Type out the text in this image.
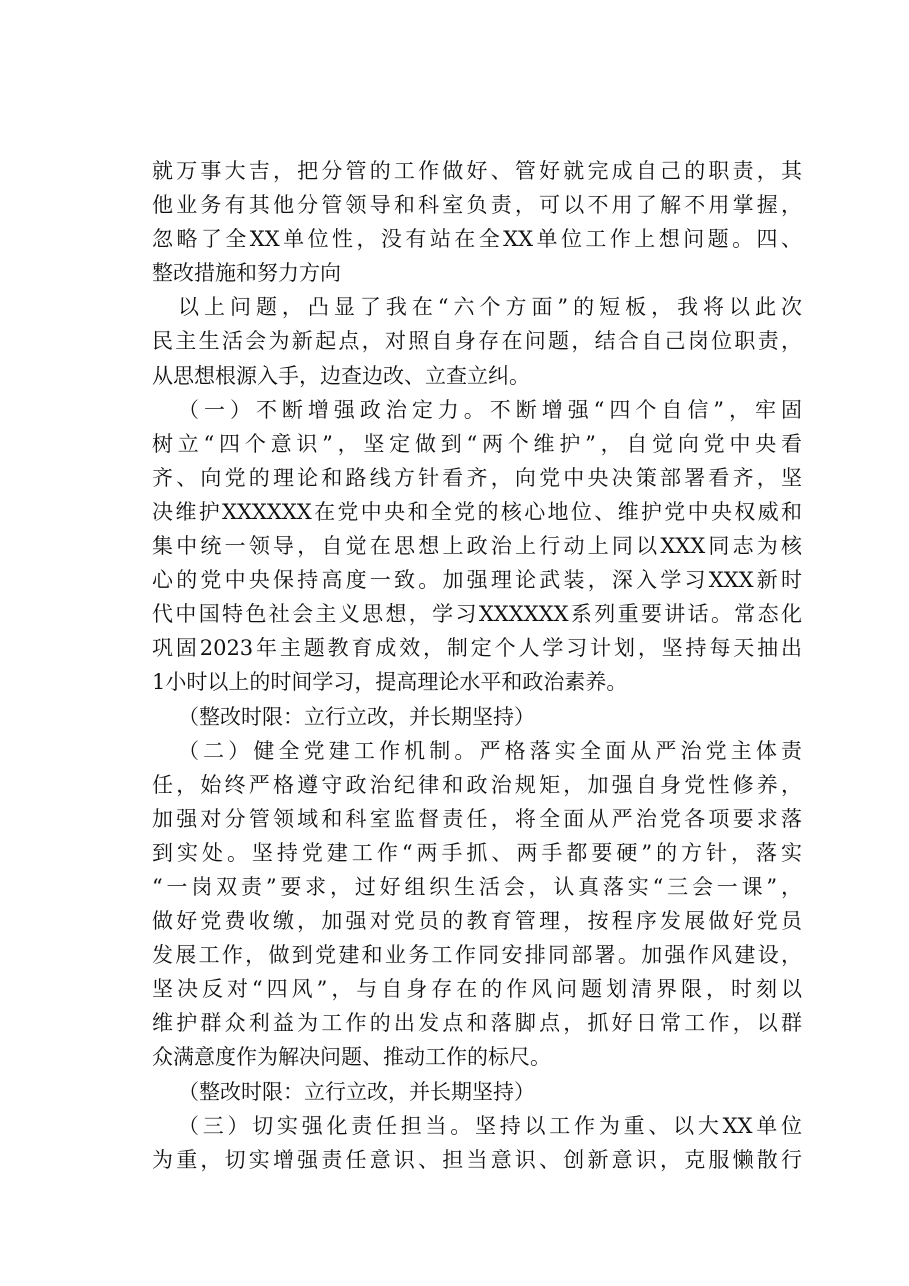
就万事大吉，把分管的工作做好、管好就完成自己的职责，其
他业务有其他分管领导和科室负责，可以不用了解不用掌握，
忽略了全XX单位性，没有站在全XX单位工作上想问题。四、
整改措施和努力方向
以上问题，凸显了我在“六个方面”的短板，我将以此次
民主生活会为新起点，对照自身存在问题，结合自己岗位职责，
从思想根源入手，边查边改、立查立纠。
（一）不断增强政治定力。不断增强“四个自信”，牢固
树立“四个意识”，坚定做到“两个维护”，自觉向党中央看
齐、向党的理论和路线方针看齐，向党中央决策部署看齐，坚
决维护XXXXXX在党中央和全党的核心地位、维护党中央权威和
集中统一领导，自觉在思想上政治上行动上同以XXX同志为核
心的党中央保持高度一致。加强理论武装，深入学习XXX新时
代中国特色社会主义思想，学习XXXXXX系列重要讲话。常态化
巩固2023年主题教育成效，制定个人学习计划，坚持每天抽出
1小时以上的时间学习，提高理论水平和政治素养。
（整改时限：立行立改，并长期坚持）
（二）健全党建工作机制。严格落实全面从严治党主体责
任，始终严格遵守政治纪律和政治规矩，加强自身党性修养，
加强对分管领域和科室监督责任，将全面从严治党各项要求落
到实处。坚持党建工作“两手抓、两手都要硬”的方针，落实
“一岗双责”要求，过好组织生活会，认真落实“三会一课”，
做好党费收缴，加强对党员的教育管理，按程序发展做好党员
发展工作，做到党建和业务工作同安排同部署。加强作风建设，
坚决反对“四风”，与自身存在的作风问题划清界限，时刻以
维护群众利益为工作的出发点和落脚点，抓好日常工作，以群
众满意度作为解决问题、推动工作的标尺。
（整改时限：立行立改，并长期坚持）
（三）切实强化责任担当。坚持以工作为重、以大XX单位
为重，切实增强责任意识、担当意识、创新意识，克服懒散行
